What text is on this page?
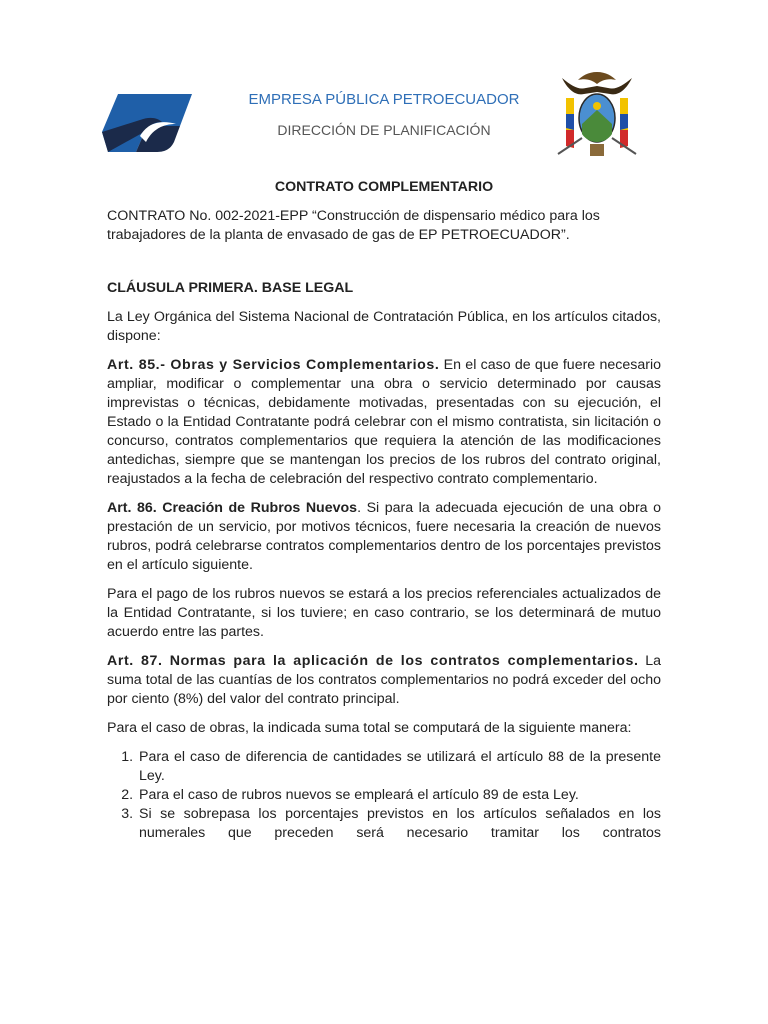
EMPRESA PÚBLICA PETROECUADOR
DIRECCIÓN DE PLANIFICACIÓN
CONTRATO COMPLEMENTARIO

CONTRATO No. 002-2021-EPP “Construcción de dispensario médico para los trabajadores de la planta de envasado de gas de EP PETROECUADOR”.

CLÁUSULA PRIMERA. BASE LEGAL

La Ley Orgánica del Sistema Nacional de Contratación Pública, en los artículos citados, dispone:

Art. 85.- Obras y Servicios Complementarios. En el caso de que fuere necesario ampliar, modificar o complementar una obra o servicio determinado por causas imprevistas o técnicas, debidamente motivadas, presentadas con su ejecución, el Estado o la Entidad Contratante podrá celebrar con el mismo contratista, sin licitación o concurso, contratos complementarios que requiera la atención de las modificaciones antedichas, siempre que se mantengan los precios de los rubros del contrato original, reajustados a la fecha de celebración del respectivo contrato complementario.

Art. 86. Creación de Rubros Nuevos. Si para la adecuada ejecución de una obra o prestación de un servicio, por motivos técnicos, fuere necesaria la creación de nuevos rubros, podrá celebrarse contratos complementarios dentro de los porcentajes previstos en el artículo siguiente.

Para el pago de los rubros nuevos se estará a los precios referenciales actualizados de la Entidad Contratante, si los tuviere; en caso contrario, se los determinará de mutuo acuerdo entre las partes.

Art. 87. Normas para la aplicación de los contratos complementarios. La suma total de las cuantías de los contratos complementarios no podrá exceder del ocho por ciento (8%) del valor del contrato principal.

Para el caso de obras, la indicada suma total se computará de la siguiente manera:

1. Para el caso de diferencia de cantidades se utilizará el artículo 88 de la presente Ley.
2. Para el caso de rubros nuevos se empleará el artículo 89 de esta Ley.
3. Si se sobrepasa los porcentajes previstos en los artículos señalados en los numerales que preceden será necesario tramitar los contratos
